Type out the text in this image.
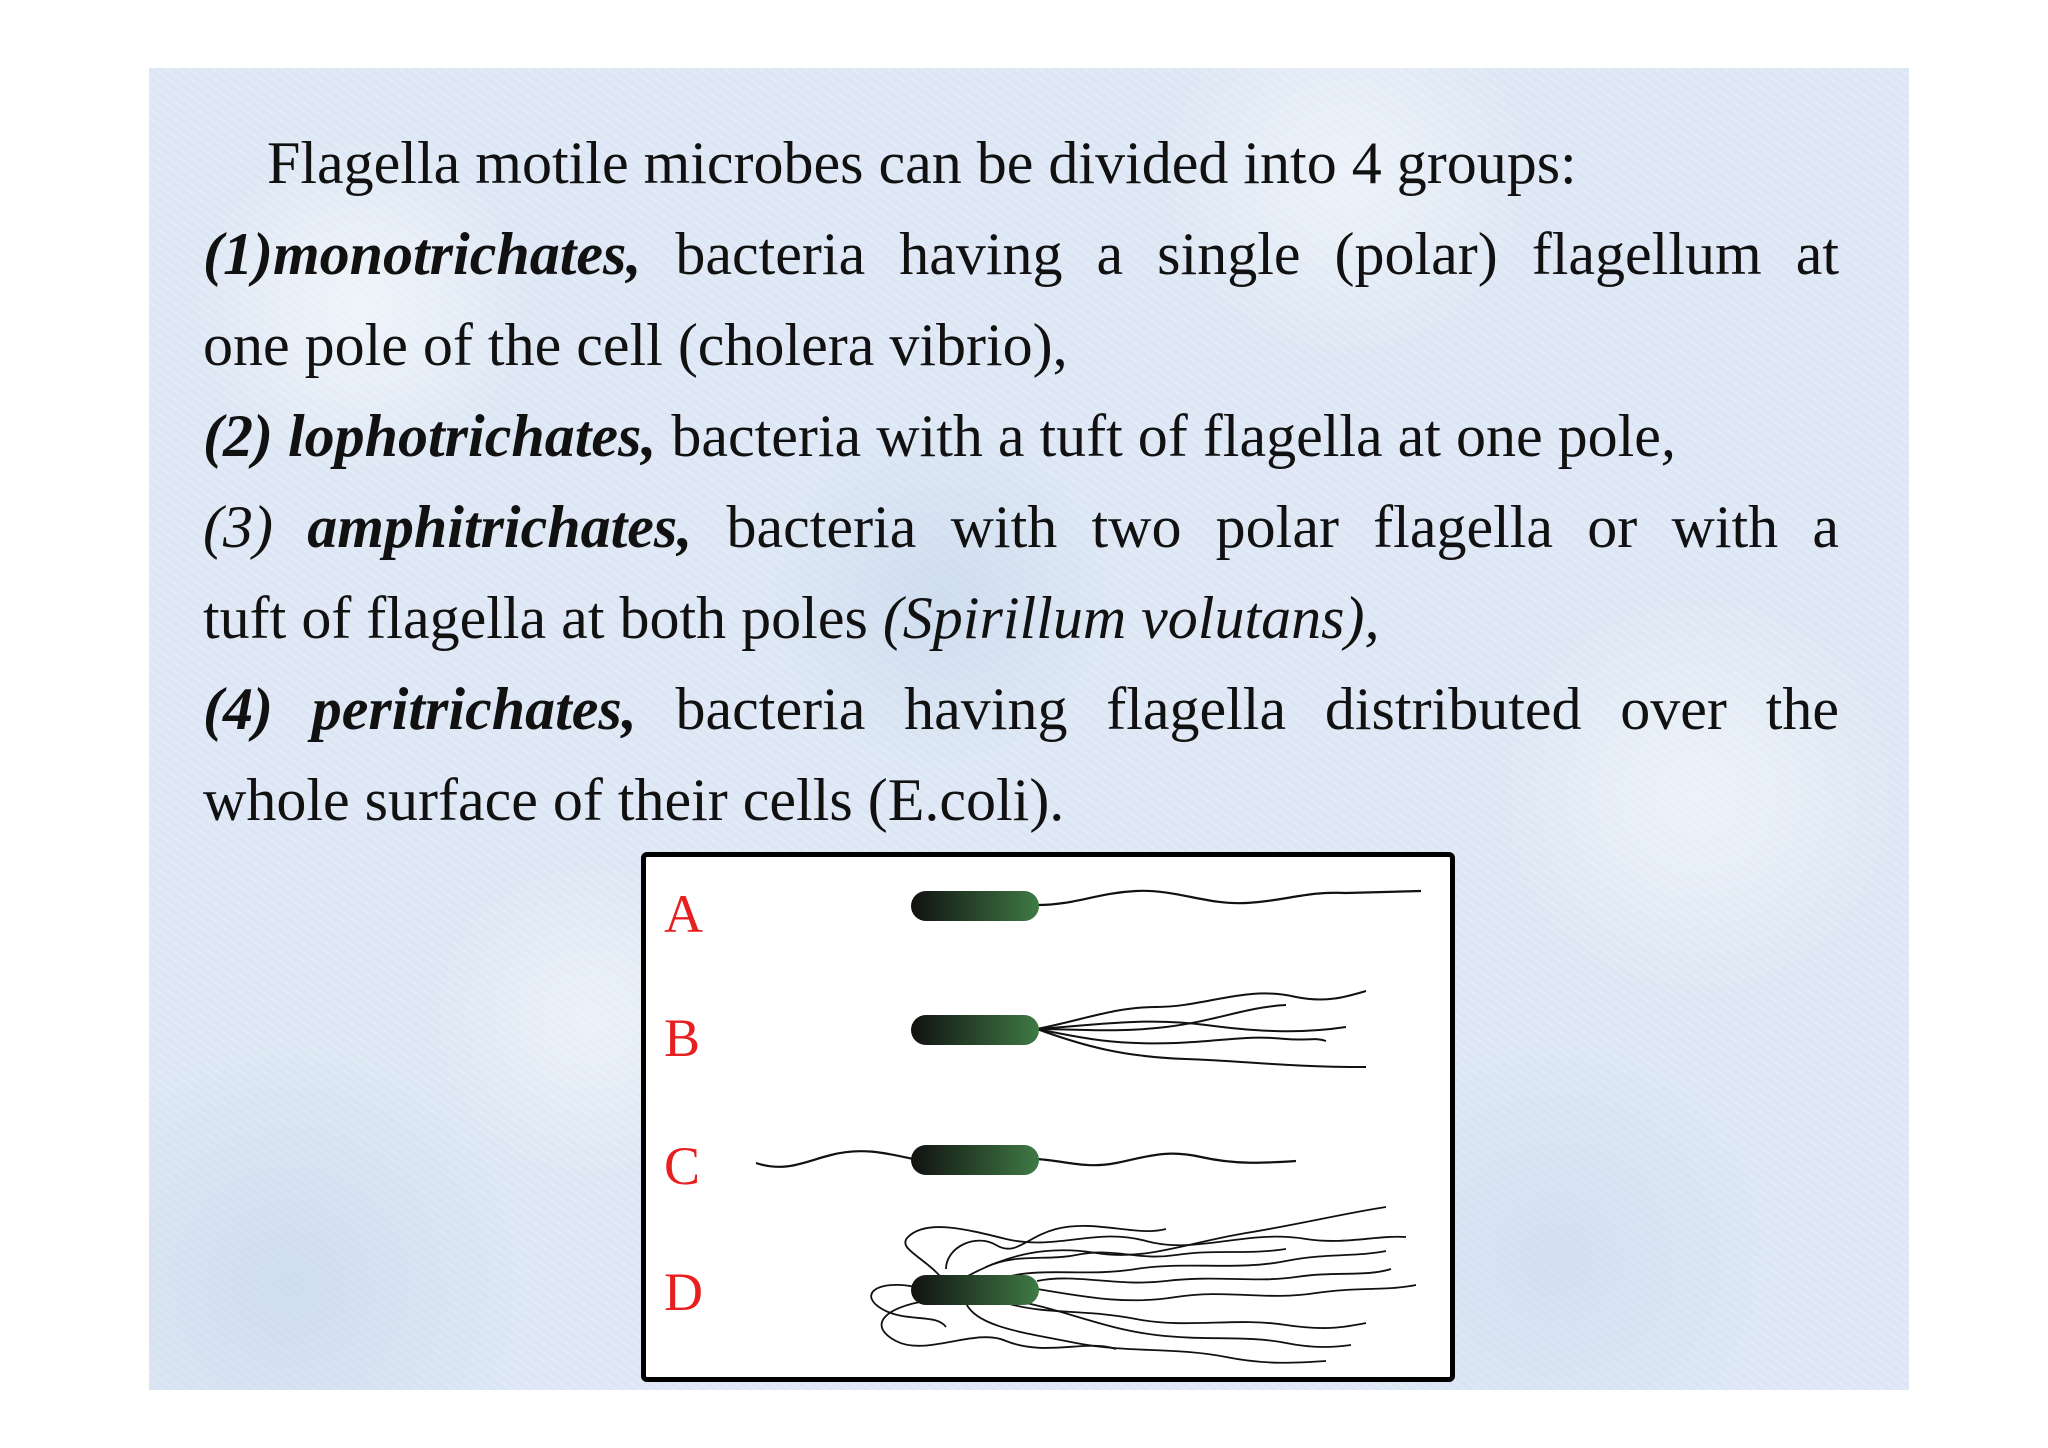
Flagella motile microbes can be divided into 4 groups:
(1)monotrichates, bacteria having a single (polar) flagellum at
one pole of the cell (cholera vibrio),
(2) lophotrichates, bacteria with a tuft of flagella at one pole,
(3) amphitrichates, bacteria with two polar flagella or with a
tuft of flagella at both poles (Spirillum volutans),
(4) peritrichates, bacteria having flagella distributed over the
whole surface of their cells (E.coli).
A
B
C
D
